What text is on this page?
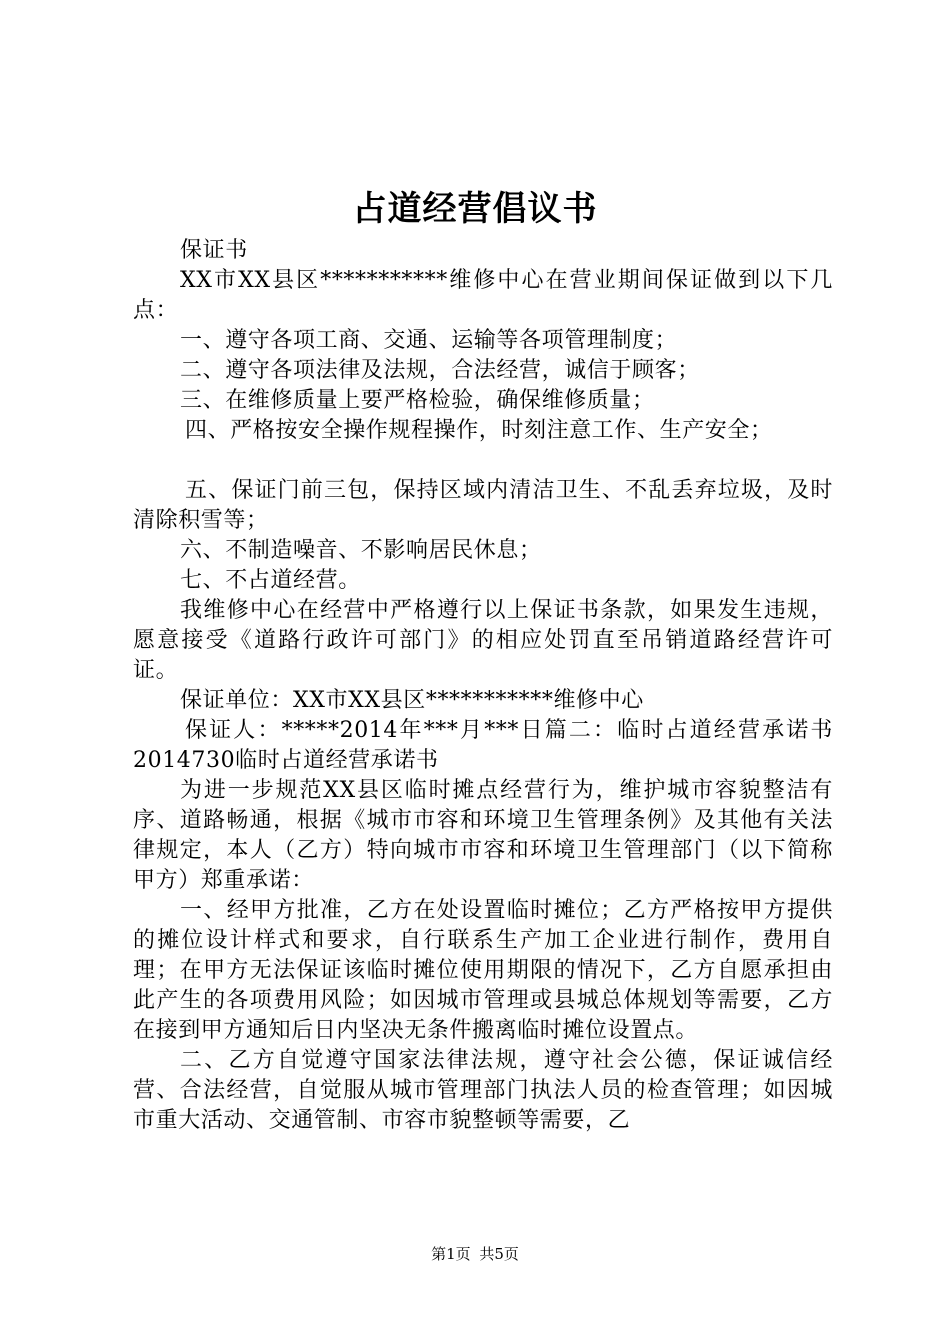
占道经营倡议书

保证书

XX市XX县区***********维修中心在营业期间保证做到以下几点：

一、遵守各项工商、交通、运输等各项管理制度；

二、遵守各项法律及法规，合法经营，诚信于顾客；

三、在维修质量上要严格检验，确保维修质量；

四、严格按安全操作规程操作，时刻注意工作、生产安全；

五、保证门前三包，保持区域内清洁卫生、不乱丢弃垃圾，及时清除积雪等；

六、不制造噪音、不影响居民休息；

七、不占道经营。

我维修中心在经营中严格遵行以上保证书条款，如果发生违规，愿意接受《道路行政许可部门》的相应处罚直至吊销道路经营许可证。

保证单位：XX市XX县区***********维修中心

保证人：*****2014年***月***日篇二：临时占道经营承诺书2014730临时占道经营承诺书

为进一步规范XX县区临时摊点经营行为，维护城市容貌整洁有序、道路畅通，根据《城市市容和环境卫生管理条例》及其他有关法律规定，本人（乙方）特向城市市容和环境卫生管理部门（以下简称甲方）郑重承诺：

一、经甲方批准，乙方在处设置临时摊位；乙方严格按甲方提供的摊位设计样式和要求，自行联系生产加工企业进行制作，费用自理；在甲方无法保证该临时摊位使用期限的情况下，乙方自愿承担由此产生的各项费用风险；如因城市管理或县城总体规划等需要，乙方在接到甲方通知后日内坚决无条件搬离临时摊位设置点。

二、乙方自觉遵守国家法律法规，遵守社会公德，保证诚信经营、合法经营，自觉服从城市管理部门执法人员的检查管理；如因城市重大活动、交通管制、市容市貌整顿等需要，乙

第1页 共5页
